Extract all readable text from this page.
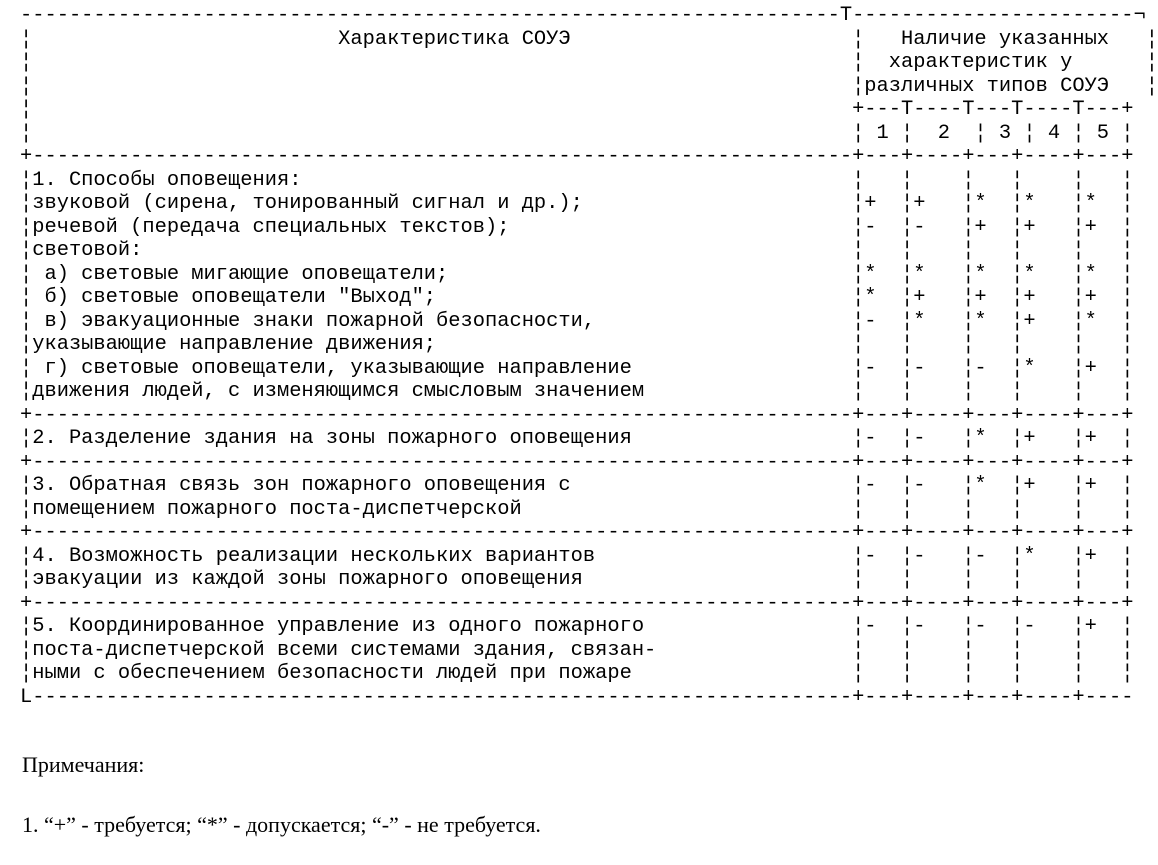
-------------------------------------------------------------------T-----------------------¬
¦                         Характеристика СОУЭ                       ¦   Наличие указанных   ¦
¦                                                                   ¦  характеристик у      ¦
¦                                                                   ¦различных типов СОУЭ   ¦
¦                                                                   +---T----T---T----T---+
¦                                                                   ¦ 1 ¦  2  ¦ 3 ¦ 4 ¦ 5 ¦
+-------------------------------------------------------------------+---+----+---+----+---+
¦1. Способы оповещения:                                             ¦   ¦    ¦   ¦    ¦   ¦
¦звуковой (сирена, тонированный сигнал и др.);                      ¦+  ¦+   ¦*  ¦*   ¦*  ¦
¦речевой (передача специальных текстов);                            ¦-  ¦-   ¦+  ¦+   ¦+  ¦
¦световой:                                                          ¦   ¦    ¦   ¦    ¦   ¦
¦ а) световые мигающие оповещатели;                                 ¦*  ¦*   ¦*  ¦*   ¦*  ¦
¦ б) световые оповещатели "Выход";                                  ¦*  ¦+   ¦+  ¦+   ¦+  ¦
¦ в) эвакуационные знаки пожарной безопасности,                     ¦-  ¦*   ¦*  ¦+   ¦*  ¦
¦указывающие направление движения;                                  ¦   ¦    ¦   ¦    ¦   ¦
¦ г) световые оповещатели, указывающие направление                  ¦-  ¦-   ¦-  ¦*   ¦+  ¦
¦движения людей, с изменяющимся смысловым значением                 ¦   ¦    ¦   ¦    ¦   ¦
+-------------------------------------------------------------------+---+----+---+----+---+
¦2. Разделение здания на зоны пожарного оповещения                  ¦-  ¦-   ¦*  ¦+   ¦+  ¦
+-------------------------------------------------------------------+---+----+---+----+---+
¦3. Обратная связь зон пожарного оповещения с                       ¦-  ¦-   ¦*  ¦+   ¦+  ¦
¦помещением пожарного поста-диспетчерской                           ¦   ¦    ¦   ¦    ¦   ¦
+-------------------------------------------------------------------+---+----+---+----+---+
¦4. Возможность реализации нескольких вариантов                     ¦-  ¦-   ¦-  ¦*   ¦+  ¦
¦эвакуации из каждой зоны пожарного оповещения                      ¦   ¦    ¦   ¦    ¦   ¦
+-------------------------------------------------------------------+---+----+---+----+---+
¦5. Координированное управление из одного пожарного                 ¦-  ¦-   ¦-  ¦-   ¦+  ¦
¦поста-диспетчерской всеми системами здания, связан-                ¦   ¦    ¦   ¦    ¦   ¦
¦ными с обеспечением безопасности людей при пожаре                  ¦   ¦    ¦   ¦    ¦   ¦
L-------------------------------------------------------------------+---+----+---+----+----
Примечания:
1. “+” - требуется; “*” - допускается; “-” - не требуется.
